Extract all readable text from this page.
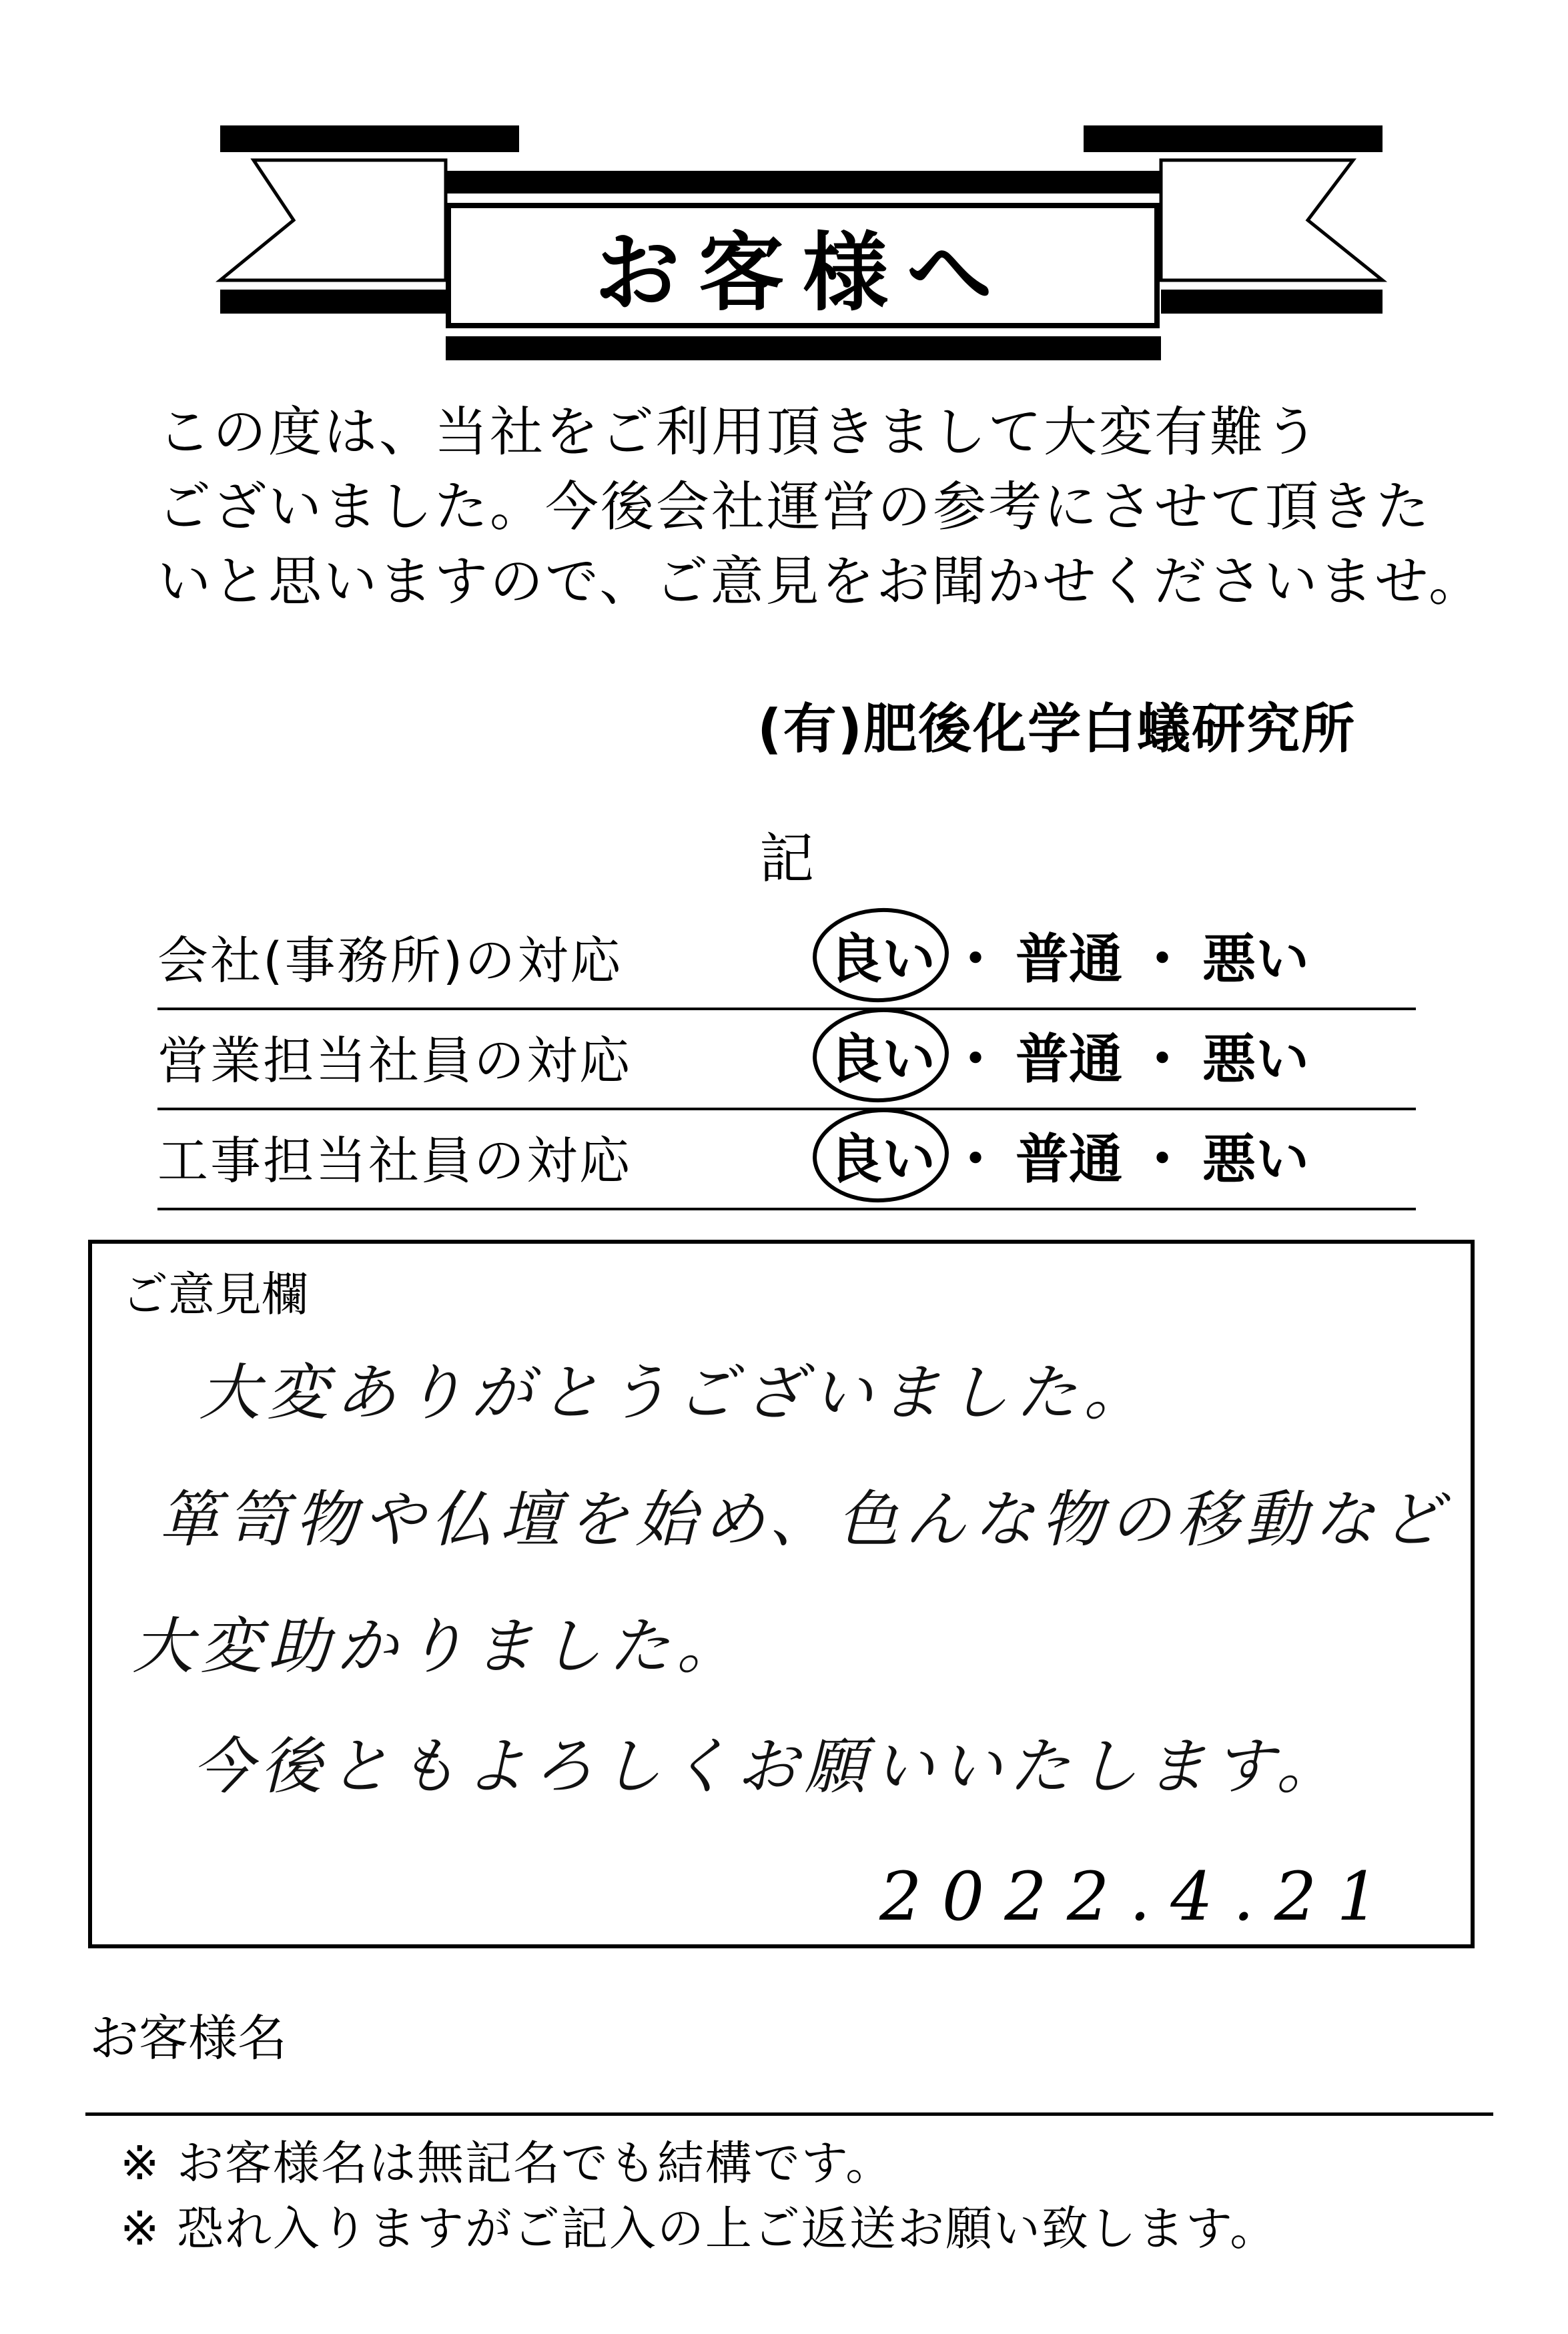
お客様へ
この度は、当社をご利用頂きまして大変有難う
ございました。今後会社運営の参考にさせて頂きた
いと思いますので、ご意見をお聞かせくださいませ。
(有)肥後化学白蟻研究所
記
会社(事務所)の対応	良い ・ 普通 ・ 悪い
営業担当社員の対応	良い ・ 普通 ・ 悪い
工事担当社員の対応	良い ・ 普通 ・ 悪い
ご意見欄
大変ありがとうございました。
箪笥物や仏壇を始め、色んな物の移動など
大変助かりました。
今後ともよろしくお願いいたします。
2022.4.21
お客様名
※ お客様名は無記名でも結構です。
※ 恐れ入りますがご記入の上ご返送お願い致します。
